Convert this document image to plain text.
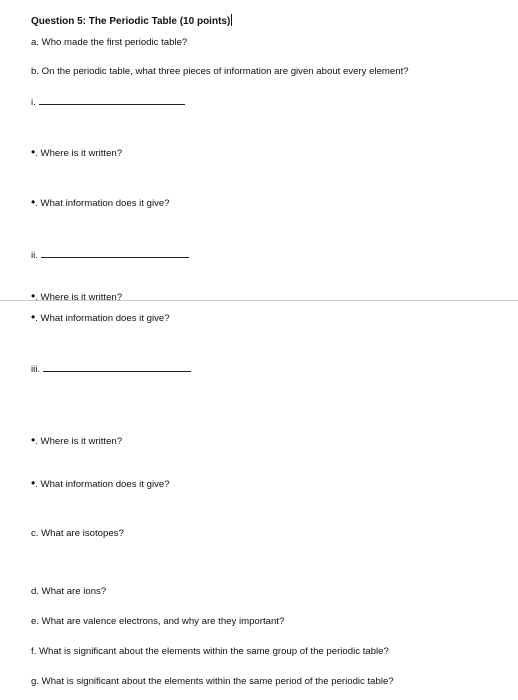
Question 5: The Periodic Table (10 points)
a. Who made the first periodic table?
b. On the periodic table, what three pieces of information are given about every element?
i.
•. Where is it written?
•. What information does it give?
ii.
•. Where is it written?
•. What information does it give?
iii.
•. Where is it written?
•. What information does it give?
c. What are isotopes?
d. What are ions?
e. What are valence electrons, and why are they important?
f. What is significant about the elements within the same group of the periodic table?
g. What is significant about the elements within the same period of the periodic table?
